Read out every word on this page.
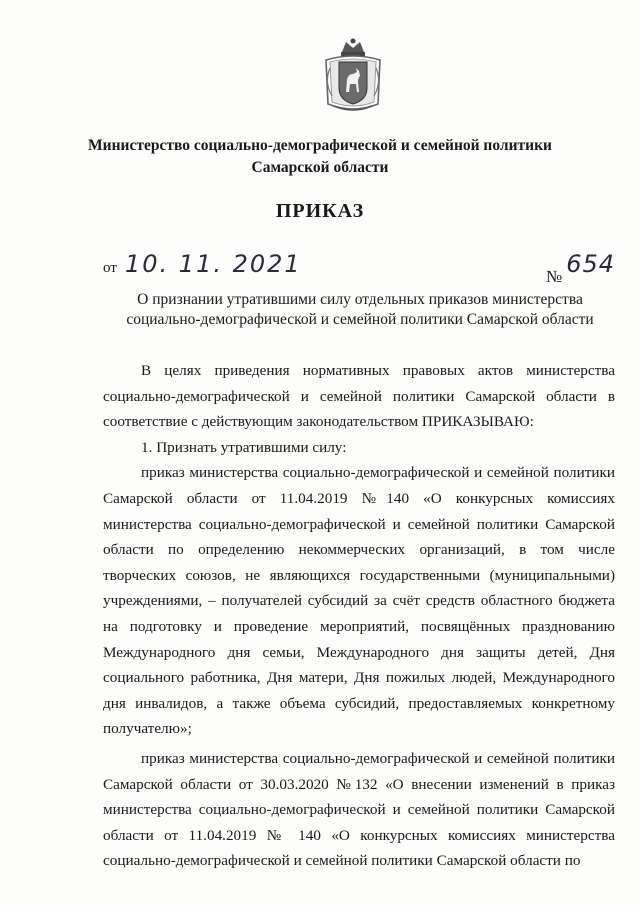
Министерство социально-демографической и семейной политики
Самарской области
ПРИКАЗ
от 10. 11. 2021	№ 654
О признании утратившими силу отдельных приказов министерства социально-демографической и семейной политики Самарской области

В целях приведения нормативных правовых актов министерства социально-демографической и семейной политики Самарской области в соответствие с действующим законодательством ПРИКАЗЫВАЮ:

1. Признать утратившими силу:

приказ министерства социально-демографической и семейной политики Самарской области от 11.04.2019 №140 «О конкурсных комиссиях министерства социально-демографической и семейной политики Самарской области по определению некоммерческих организаций, в том числе творческих союзов, не являющихся государственными (муниципальными) учреждениями, – получателей субсидий за счёт средств областного бюджета на подготовку и проведение мероприятий, посвящённых празднованию Международного дня семьи, Международного дня защиты детей, Дня социального работника, Дня матери, Дня пожилых людей, Международного дня инвалидов, а также объема субсидий, предоставляемых конкретному получателю»;

приказ министерства социально-демографической и семейной политики Самарской области от 30.03.2020 №132 «О внесении изменений в приказ министерства социально-демографической и семейной политики Самарской области от 11.04.2019 № 140 «О конкурсных комиссиях министерства социально-демографической и семейной политики Самарской области по
